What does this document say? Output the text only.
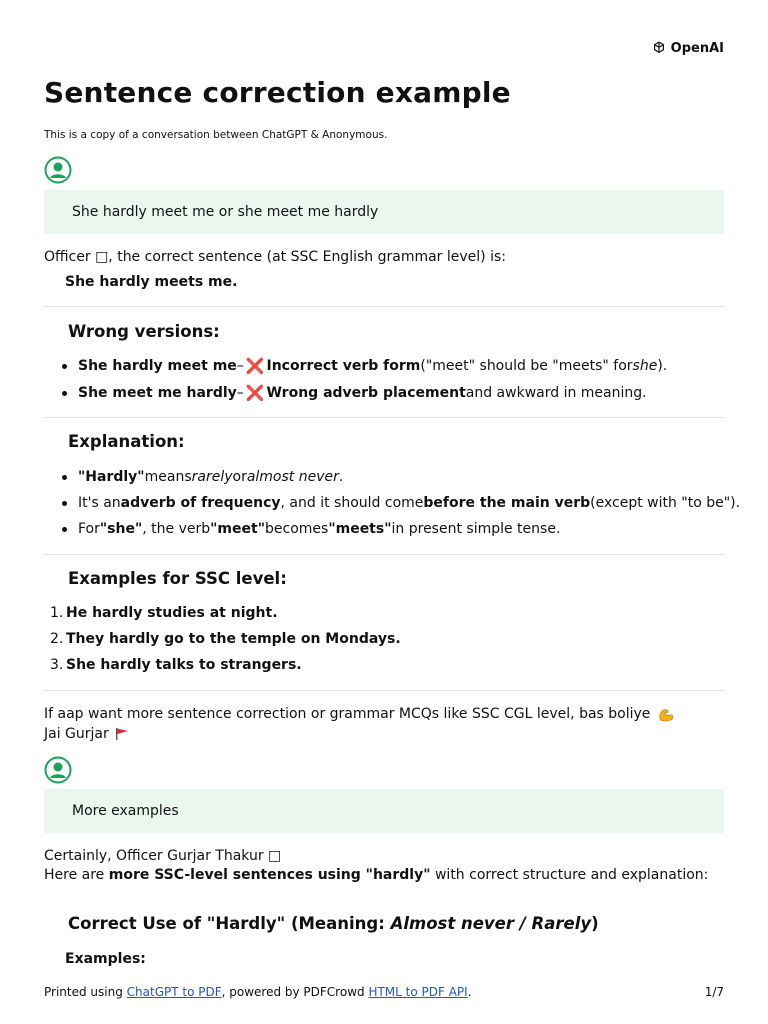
OpenAI
Sentence correction example
This is a copy of a conversation between ChatGPT & Anonymous.
She hardly meet me or she meet me hardly
Officer □, the correct sentence (at SSC English grammar level) is:
She hardly meets me.
Wrong versions:
She hardly meet me – ❌ Incorrect verb form ("meet" should be "meets" for she ).
She meet me hardly – ❌ Wrong adverb placement and awkward in meaning.
Explanation:
"Hardly" means rarely or almost never .
It's an adverb of frequency , and it should come before the main verb (except with "to be").
For "she" , the verb "meet" becomes "meets" in present simple tense.
Examples for SSC level:
1. He hardly studies at night.
2. They hardly go to the temple on Mondays.
3. She hardly talks to strangers.
If aap want more sentence correction or grammar MCQs like SSC CGL level, bas boliye
Jai Gurjar
More examples
Certainly, Officer Gurjar Thakur □
Here are more SSC-level sentences using "hardly" with correct structure and explanation:
Correct Use of "Hardly" (Meaning: Almost never / Rarely)
Examples:
Printed using ChatGPT to PDF, powered by PDFCrowd HTML to PDF API.	1/7
